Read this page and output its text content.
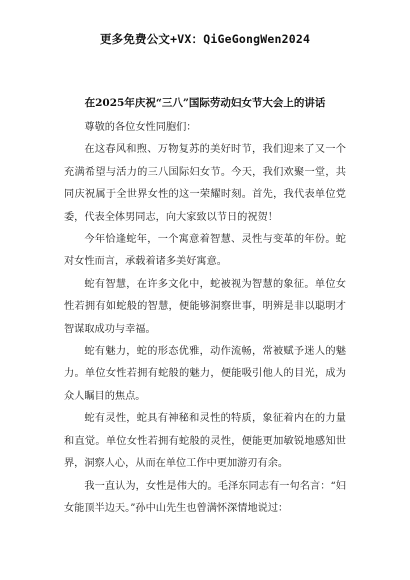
更多免费公文+VX：QiGeGongWen2024
在2025年庆祝“三八”国际劳动妇女节大会上的讲话

尊敬的各位女性同胞们：

在这春风和煦、万物复苏的美好时节，我们迎来了又一个充满希望与活力的三八国际妇女节。今天，我们欢聚一堂，共同庆祝属于全世界女性的这一荣耀时刻。首先，我代表单位党委，代表全体男同志，向大家致以节日的祝贺！

今年恰逢蛇年，一个寓意着智慧、灵性与变革的年份。蛇对女性而言，承载着诸多美好寓意。

蛇有智慧，在许多文化中，蛇被视为智慧的象征。单位女性若拥有如蛇般的智慧，便能够洞察世事，明辨是非以聪明才智谋取成功与幸福。

蛇有魅力，蛇的形态优雅，动作流畅，常被赋予迷人的魅力。单位女性若拥有蛇般的魅力，便能吸引他人的目光，成为众人瞩目的焦点。

蛇有灵性，蛇具有神秘和灵性的特质，象征着内在的力量和直觉。单位女性若拥有蛇般的灵性，便能更加敏锐地感知世界，洞察人心，从而在单位工作中更加游刃有余。

我一直认为，女性是伟大的。毛泽东同志有一句名言：“妇女能顶半边天。”孙中山先生也曾满怀深情地说过：
